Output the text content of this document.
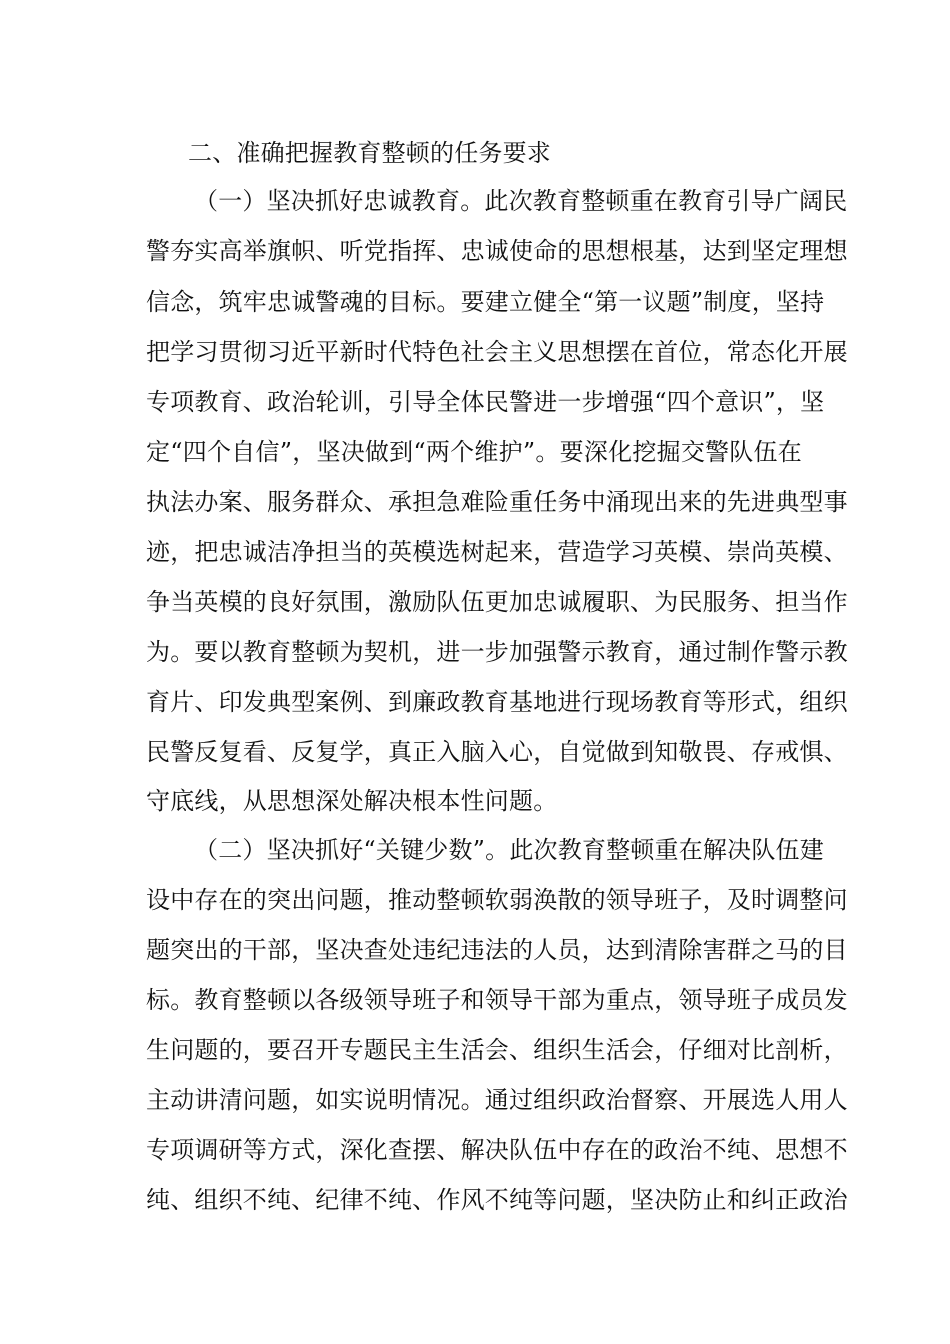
二、准确把握教育整顿的任务要求
（一）坚决抓好忠诚教育。此次教育整顿重在教育引导广阔民
警夯实高举旗帜、听党指挥、忠诚使命的思想根基，达到坚定理想
信念，筑牢忠诚警魂的目标。要建立健全“第一议题”制度，坚持
把学习贯彻习近平新时代特色社会主义思想摆在首位，常态化开展
专项教育、政治轮训，引导全体民警进一步增强“四个意识”，坚
定“四个自信”，坚决做到“两个维护”。要深化挖掘交警队伍在
执法办案、服务群众、承担急难险重任务中涌现出来的先进典型事
迹，把忠诚洁净担当的英模选树起来，营造学习英模、崇尚英模、
争当英模的良好氛围，激励队伍更加忠诚履职、为民服务、担当作
为。要以教育整顿为契机，进一步加强警示教育，通过制作警示教
育片、印发典型案例、到廉政教育基地进行现场教育等形式，组织
民警反复看、反复学，真正入脑入心，自觉做到知敬畏、存戒惧、
守底线，从思想深处解决根本性问题。
（二）坚决抓好“关键少数”。此次教育整顿重在解决队伍建
设中存在的突出问题，推动整顿软弱涣散的领导班子，及时调整问
题突出的干部，坚决查处违纪违法的人员，达到清除害群之马的目
标。教育整顿以各级领导班子和领导干部为重点，领导班子成员发
生问题的，要召开专题民主生活会、组织生活会，仔细对比剖析，
主动讲清问题，如实说明情况。通过组织政治督察、开展选人用人
专项调研等方式，深化查摆、解决队伍中存在的政治不纯、思想不
纯、组织不纯、纪律不纯、作风不纯等问题，坚决防止和纠正政治
